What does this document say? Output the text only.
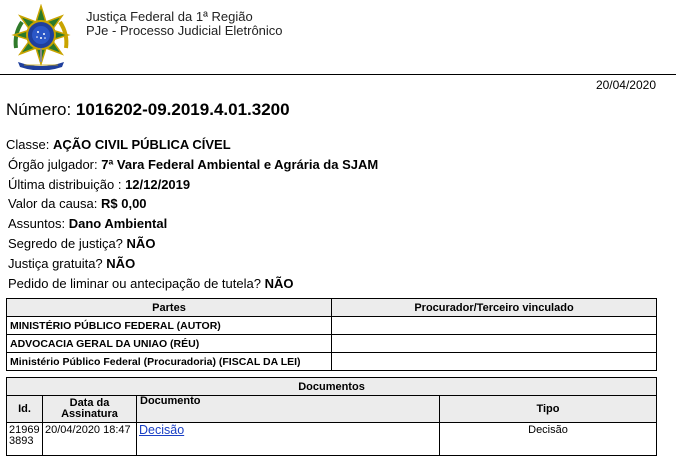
Justiça Federal da 1ª Região
PJe - Processo Judicial Eletrônico
20/04/2020
Número: 1016202-09.2019.4.01.3200
Classe: AÇÃO CIVIL PÚBLICA CÍVEL
Órgão julgador: 7ª Vara Federal Ambiental e Agrária da SJAM
Última distribuição : 12/12/2019
Valor da causa: R$ 0,00
Assuntos: Dano Ambiental
Segredo de justiça? NÃO
Justiça gratuita? NÃO
Pedido de liminar ou antecipação de tutela? NÃO
Partes	Procurador/Terceiro vinculado
MINISTÉRIO PÚBLICO FEDERAL (AUTOR)	
ADVOCACIA GERAL DA UNIAO (RÉU)	
Ministério Público Federal (Procuradoria) (FISCAL DA LEI)	
Documentos			
Id.	Data da Assinatura	Documento	Tipo
219693893	20/04/2020 18:47	Decisão	Decisão
